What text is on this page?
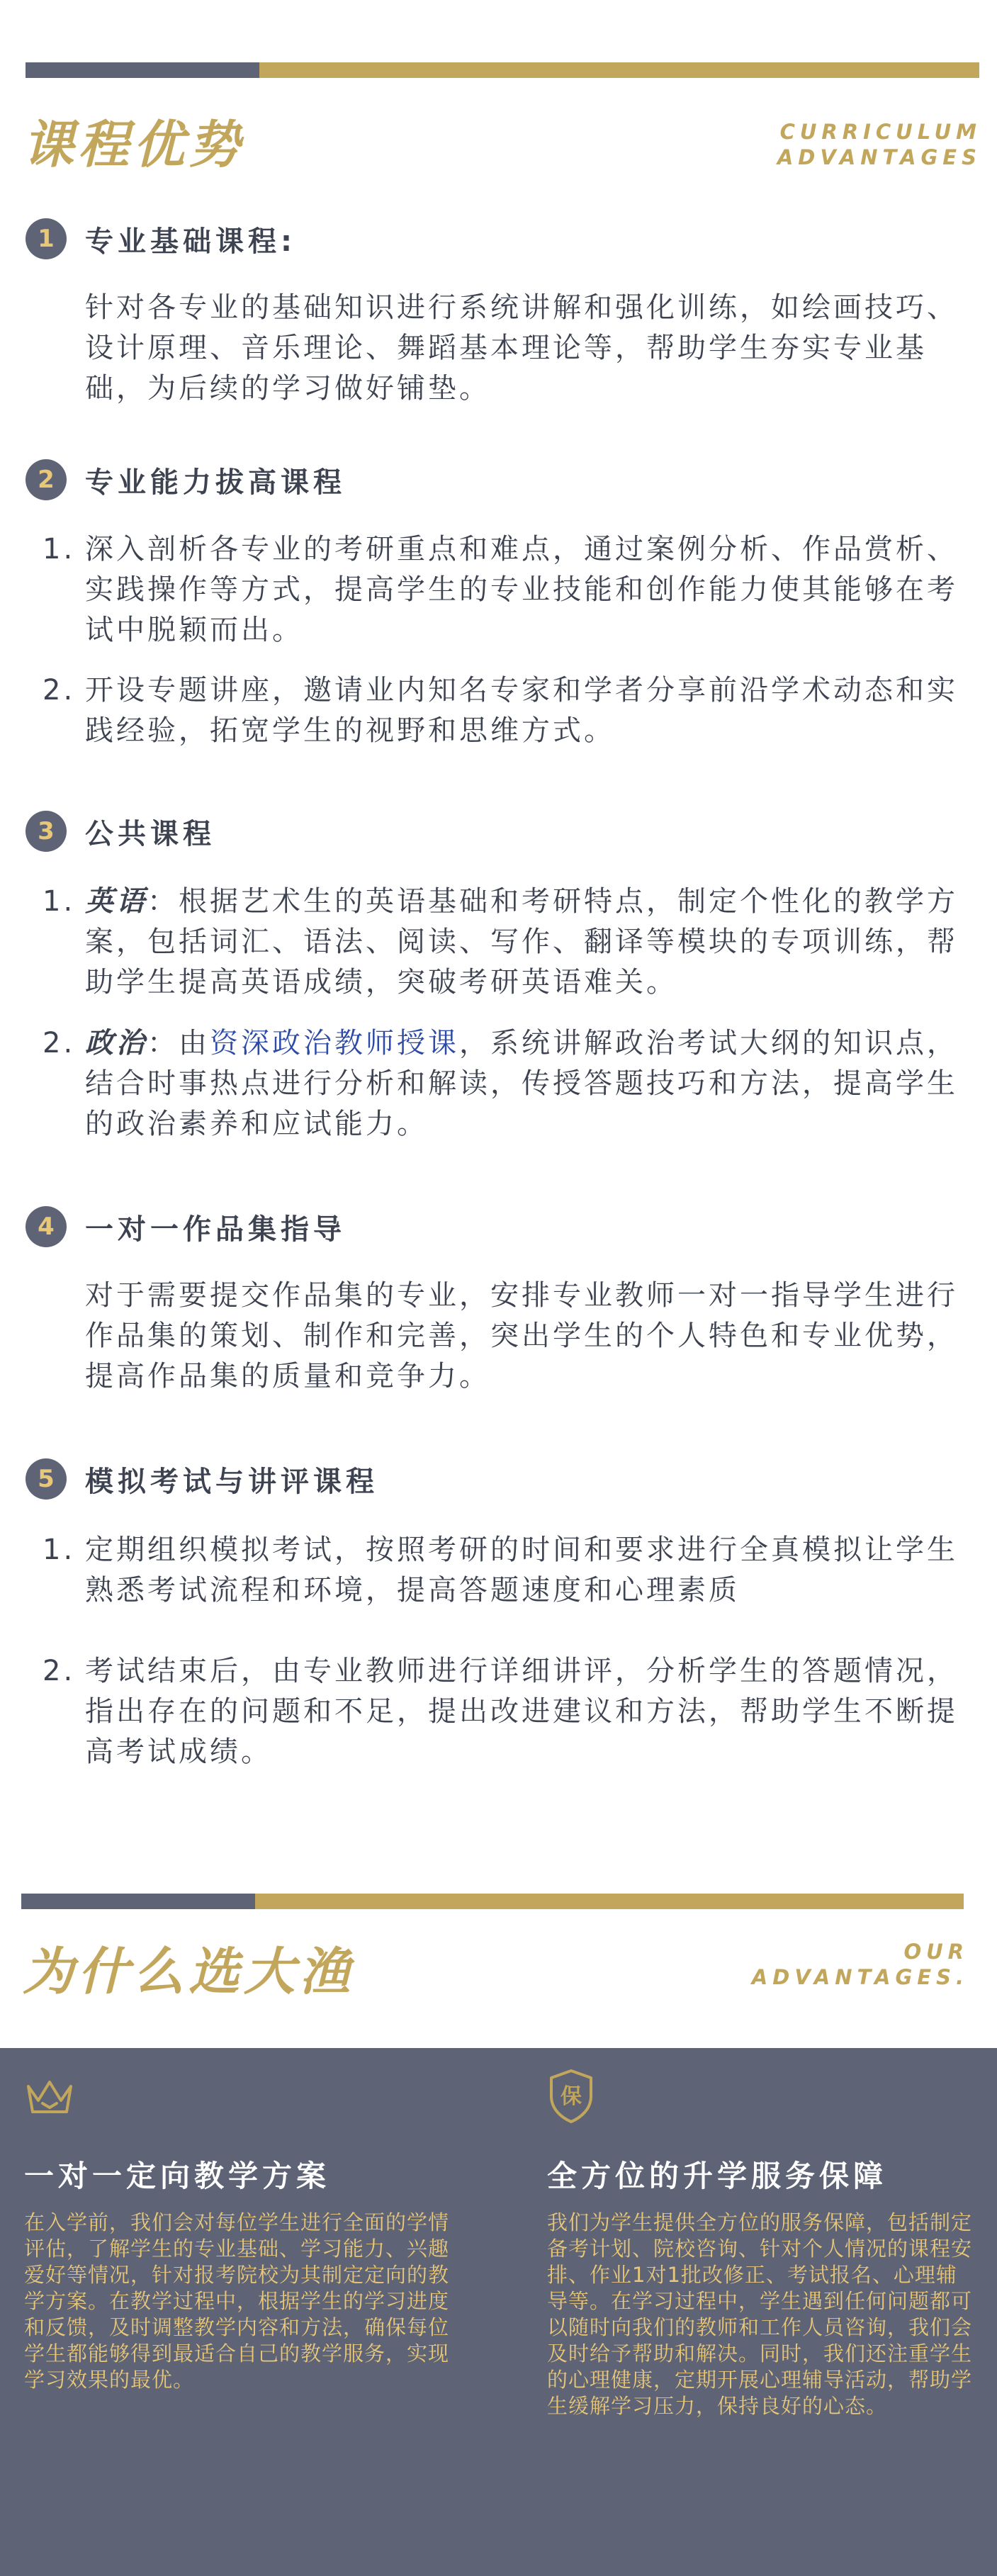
课程优势	CURRICULUM
ADVANTAGES
1	专业基础课程:
针对各专业的基础知识进行系统讲解和强化训练，如绘画技巧、设计原理、音乐理论、舞蹈基本理论等，帮助学生夯实专业基础，为后续的学习做好铺垫。
2	专业能力拔高课程
1. 深入剖析各专业的考研重点和难点，通过案例分析、作品赏析、实践操作等方式，提高学生的专业技能和创作能力使其能够在考试中脱颖而出。
2. 开设专题讲座，邀请业内知名专家和学者分享前沿学术动态和实践经验，拓宽学生的视野和思维方式。
3	公共课程
1. 英语：根据艺术生的英语基础和考研特点，制定个性化的教学方案，包括词汇、语法、阅读、写作、翻译等模块的专项训练，帮助学生提高英语成绩，突破考研英语难关。
2. 政治：由资深政治教师授课，系统讲解政治考试大纲的知识点，结合时事热点进行分析和解读，传授答题技巧和方法，提高学生的政治素养和应试能力。
4	一对一作品集指导
对于需要提交作品集的专业，安排专业教师一对一指导学生进行作品集的策划、制作和完善，突出学生的个人特色和专业优势，提高作品集的质量和竞争力。
5	模拟考试与讲评课程
1. 定期组织模拟考试，按照考研的时间和要求进行全真模拟让学生熟悉考试流程和环境，提高答题速度和心理素质
2. 考试结束后，由专业教师进行详细讲评，分析学生的答题情况，指出存在的问题和不足，提出改进建议和方法，帮助学生不断提高考试成绩。
为什么选大渔	OUR
ADVANTAGES.
一对一定向教学方案
在入学前，我们会对每位学生进行全面的学情评估，了解学生的专业基础、学习能力、兴趣爱好等情况，针对报考院校为其制定定向的教学方案。在教学过程中，根据学生的学习进度和反馈，及时调整教学内容和方法，确保每位学生都能够得到最适合自己的教学服务，实现学习效果的最优。
保
全方位的升学服务保障
我们为学生提供全方位的服务保障，包括制定备考计划、院校咨询、针对个人情况的课程安排、作业1对1批改修正、考试报名、心理辅导等。在学习过程中，学生遇到任何问题都可以随时向我们的教师和工作人员咨询，我们会及时给予帮助和解决。同时，我们还注重学生的心理健康，定期开展心理辅导活动，帮助学生缓解学习压力，保持良好的心态。
